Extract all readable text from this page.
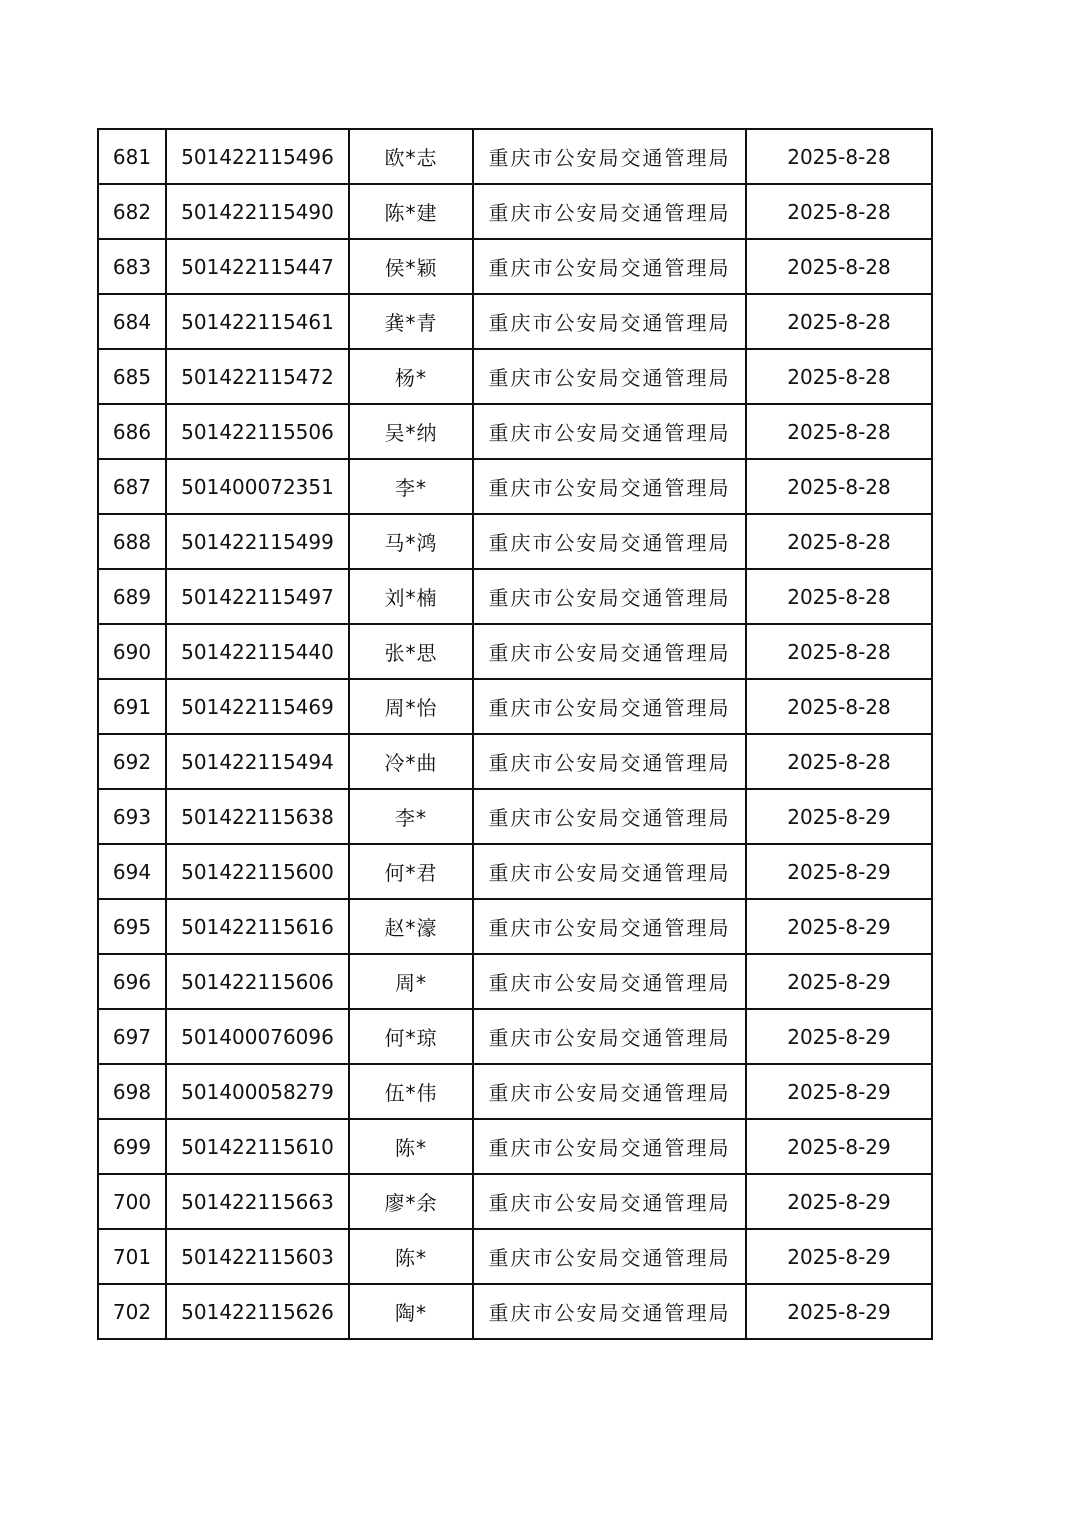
681	501422115496	欧*志	重庆市公安局交通管理局	2025-8-28
682	501422115490	陈*建	重庆市公安局交通管理局	2025-8-28
683	501422115447	侯*颖	重庆市公安局交通管理局	2025-8-28
684	501422115461	龚*青	重庆市公安局交通管理局	2025-8-28
685	501422115472	杨*	重庆市公安局交通管理局	2025-8-28
686	501422115506	吴*纳	重庆市公安局交通管理局	2025-8-28
687	501400072351	李*	重庆市公安局交通管理局	2025-8-28
688	501422115499	马*鸿	重庆市公安局交通管理局	2025-8-28
689	501422115497	刘*楠	重庆市公安局交通管理局	2025-8-28
690	501422115440	张*思	重庆市公安局交通管理局	2025-8-28
691	501422115469	周*怡	重庆市公安局交通管理局	2025-8-28
692	501422115494	冷*曲	重庆市公安局交通管理局	2025-8-28
693	501422115638	李*	重庆市公安局交通管理局	2025-8-29
694	501422115600	何*君	重庆市公安局交通管理局	2025-8-29
695	501422115616	赵*濠	重庆市公安局交通管理局	2025-8-29
696	501422115606	周*	重庆市公安局交通管理局	2025-8-29
697	501400076096	何*琼	重庆市公安局交通管理局	2025-8-29
698	501400058279	伍*伟	重庆市公安局交通管理局	2025-8-29
699	501422115610	陈*	重庆市公安局交通管理局	2025-8-29
700	501422115663	廖*余	重庆市公安局交通管理局	2025-8-29
701	501422115603	陈*	重庆市公安局交通管理局	2025-8-29
702	501422115626	陶*	重庆市公安局交通管理局	2025-8-29
